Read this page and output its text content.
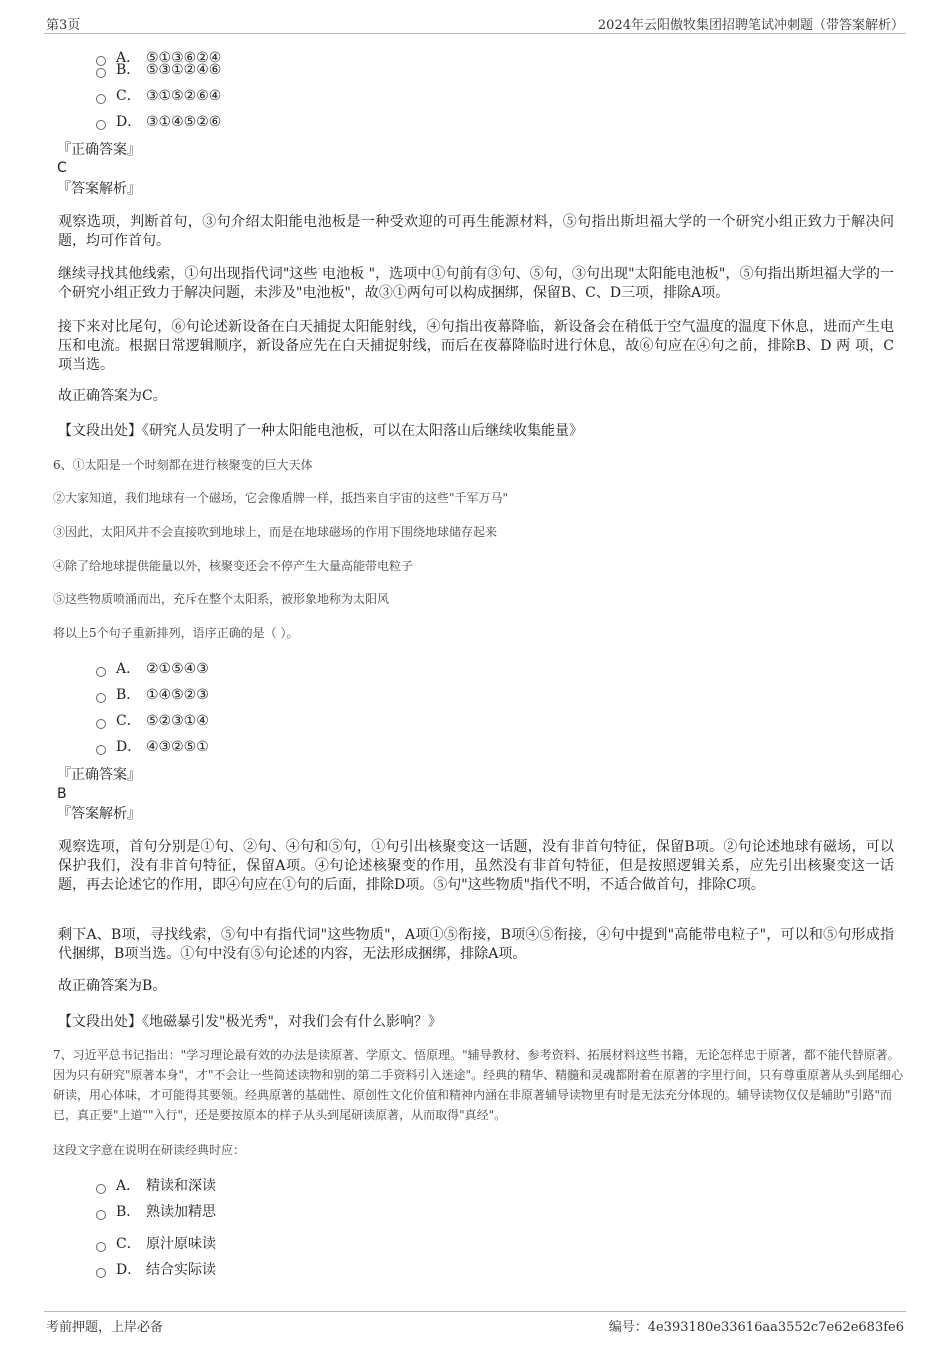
第3页	2024年云阳傲牧集团招聘笔试冲刺题（带答案解析）
A． ⑤①③⑥②④
B． ⑤③①②④⑥
C． ③①⑤②⑥④
D． ③①④⑤②⑥
『正确答案』
C
『答案解析』
观察选项，判断首句，③句介绍太阳能电池板是一种受欢迎的可再生能源材料，⑤句指出斯坦福大学的一个研究小组正致力于解决问题，均可作首句。
继续寻找其他线索，①句出现指代词"这些 电池板 "，选项中①句前有③句、⑤句，③句出现"太阳能电池板"，⑤句指出斯坦福大学的一个研究小组正致力于解决问题，未涉及"电池板"，故③①两句可以构成捆绑，保留B、C、D三项，排除A项。
接下来对比尾句，⑥句论述新设备在白天捕捉太阳能射线，④句指出夜幕降临，新设备会在稍低于空气温度的温度下休息，进而产生电压和电流。根据日常逻辑顺序，新设备应先在白天捕捉射线，而后在夜幕降临时进行休息，故⑥句应在④句之前，排除B、D 两 项，C项当选。
故正确答案为C。
【文段出处】《研究人员发明了一种太阳能电池板，可以在太阳落山后继续收集能量》
6、①太阳是一个时刻都在进行核聚变的巨大天体
②大家知道，我们地球有一个磁场，它会像盾牌一样，抵挡来自宇宙的这些"千军万马"
③因此，太阳风并不会直接吹到地球上，而是在地球磁场的作用下围绕地球储存起来
④除了给地球提供能量以外，核聚变还会不停产生大量高能带电粒子
⑤这些物质喷涌而出，充斥在整个太阳系，被形象地称为太阳风
将以上5个句子重新排列，语序正确的是（ ）。
A． ②①⑤④③
B． ①④⑤②③
C． ⑤②③①④
D． ④③②⑤①
『正确答案』
B
『答案解析』
观察选项，首句分别是①句、②句、④句和⑤句，①句引出核聚变这一话题，没有非首句特征，保留B项。②句论述地球有磁场，可以保护我们，没有非首句特征，保留A项。④句论述核聚变的作用，虽然没有非首句特征，但是按照逻辑关系，应先引出核聚变这一话题，再去论述它的作用，即④句应在①句的后面，排除D项。⑤句"这些物质"指代不明，不适合做首句，排除C项。
剩下A、B项，寻找线索，⑤句中有指代词"这些物质"，A项①⑤衔接，B项④⑤衔接，④句中提到"高能带电粒子"，可以和⑤句形成指代捆绑，B项当选。①句中没有⑤句论述的内容，无法形成捆绑，排除A项。
故正确答案为B。
【文段出处】《地磁暴引发"极光秀"，对我们会有什么影响？》
7、习近平总书记指出："学习理论最有效的办法是读原著、学原文、悟原理。"辅导教材、参考资料、拓展材料这些书籍，无论怎样忠于原著，都不能代替原著。因为只有研究"原著本身"，才"不会让一些简述读物和别的第二手资料引入迷途"。经典的精华、精髓和灵魂都附着在原著的字里行间，只有尊重原著从头到尾细心研读，用心体味，才可能得其要领。经典原著的基础性、原创性文化价值和精神内涵在非原著辅导读物里有时是无法充分体现的。辅导读物仅仅是辅助"引路"而已，真正要"上道""入行"，还是要按原本的样子从头到尾研读原著，从而取得"真经"。
这段文字意在说明在研读经典时应：
A． 精读和深读
B． 熟读加精思
C． 原汁原味读
D． 结合实际读
考前押题，上岸必备	编号：4e393180e33616aa3552c7e62e683fe6
